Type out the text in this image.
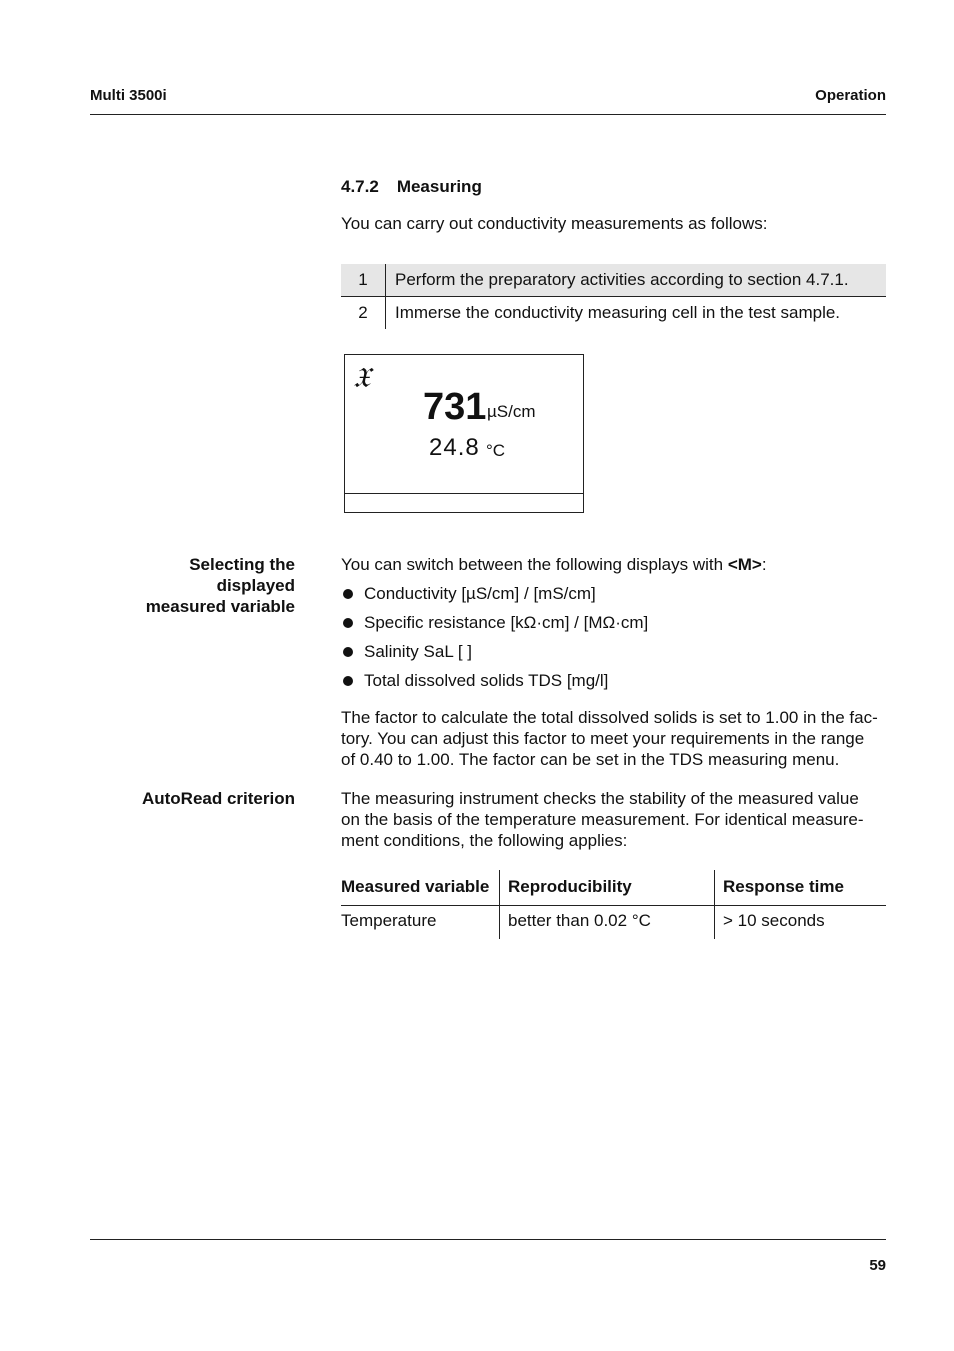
Multi 3500i	Operation
4.7.2 Measuring
You can carry out conductivity measurements as follows:
1	Perform the preparatory activities according to section 4.7.1.
2	Immerse the conductivity measuring cell in the test sample.
𝔛
731 µS/cm
24.8 °C
Selecting the
displayed
measured variable
You can switch between the following displays with <M>:
Conductivity [µS/cm] / [mS/cm]
Specific resistance [kΩ·cm] / [MΩ·cm]
Salinity SaL [ ]
Total dissolved solids TDS [mg/l]
The factor to calculate the total dissolved solids is set to 1.00 in the fac-
tory. You can adjust this factor to meet your requirements in the range
of 0.40 to 1.00. The factor can be set in the TDS measuring menu.
AutoRead criterion	The measuring instrument checks the stability of the measured value
on the basis of the temperature measurement. For identical measure-
ment conditions, the following applies:
Measured variable	Reproducibility	Response time
Temperature	better than 0.02 °C	> 10 seconds
59
